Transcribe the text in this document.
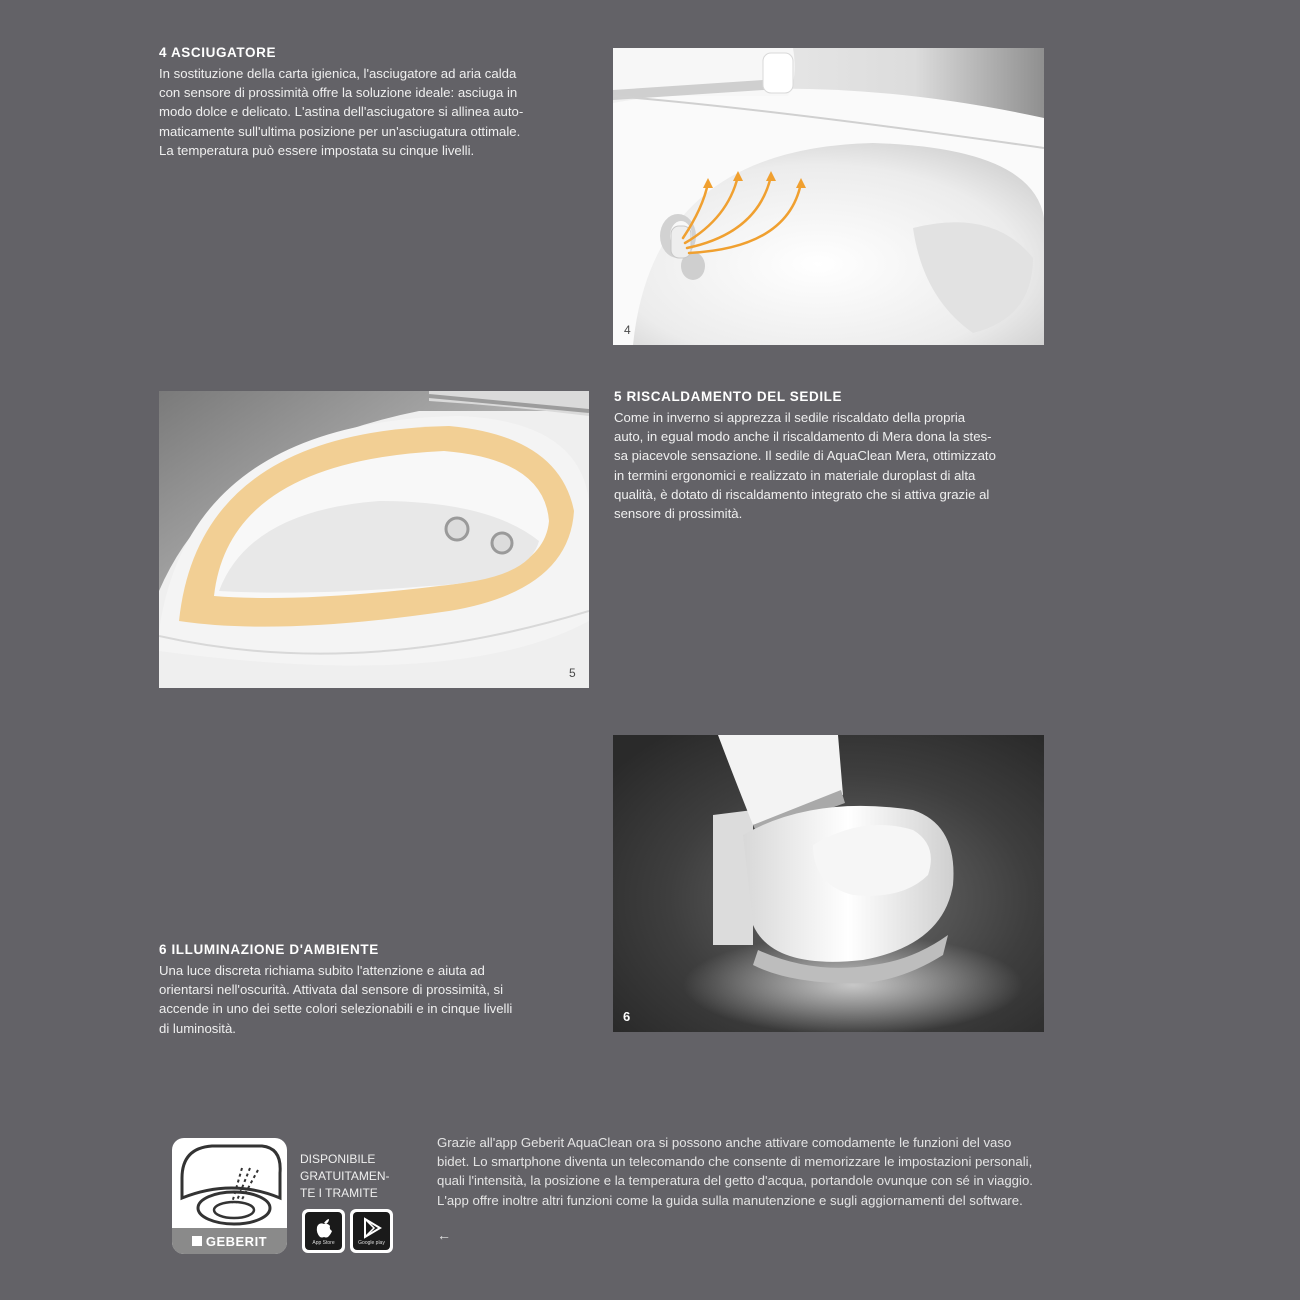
4 ASCIUGATORE

In sostituzione della carta igienica, l'asciugatore ad aria calda
con sensore di prossimità offre la soluzione ideale: asciuga in
modo dolce e delicato. L'astina dell'asciugatore si allinea auto-
maticamente sull'ultima posizione per un'asciugatura ottimale.
La temperatura può essere impostata su cinque livelli.

4
5
5 RISCALDAMENTO DEL SEDILE

Come in inverno si apprezza il sedile riscaldato della propria
auto, in egual modo anche il riscaldamento di Mera dona la stes-
sa piacevole sensazione. Il sedile di AquaClean Mera, ottimizzato
in termini ergonomici e realizzato in materiale duroplast di alta
qualità, è dotato di riscaldamento integrato che si attiva grazie al
sensore di prossimità.

6
6 ILLUMINAZIONE D'AMBIENTE

Una luce discreta richiama subito l'attenzione e aiuta ad
orientarsi nell'oscurità. Attivata dal sensore di prossimità, si
accende in uno dei sette colori selezionabili e in cinque livelli
di luminosità.

GEBERIT
DISPONIBILE
GRATUITAMEN-
TE I TRAMITE
App Store	Google play

Grazie all'app Geberit AquaClean ora si possono anche attivare comodamente le funzioni del vaso bidet. Lo smartphone diventa un telecomando che consente di memorizzare le impostazioni personali, quali l'intensità, la posizione e la temperatura del getto d'acqua, portandole ovunque con sé in viaggio. L'app offre inoltre altri funzioni come la guida sulla manutenzione e sugli aggiornamenti del software.

←
